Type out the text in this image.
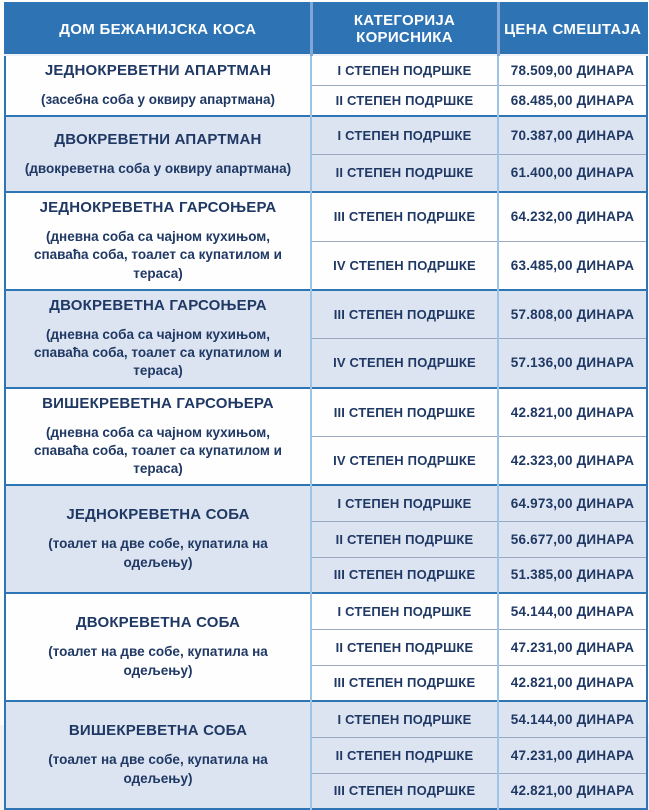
ДОМ БЕЖАНИЈСКА КОСА	КАТЕГОРИЈА КОРИСНИКА	ЦЕНА СМЕШТАЈА

ЈЕДНОКРЕВЕТНИ АПАРТМАН
(засебна соба у оквиру апартмана)	I СТЕПЕН ПОДРШКЕ	78.509,00 ДИНАРА
	II СТЕПЕН ПОДРШКЕ	68.485,00 ДИНАРА

ДВОКРЕВЕТНИ АПАРТМАН
(двокреветна соба у оквиру апартмана)	I СТЕПЕН ПОДРШКЕ	70.387,00 ДИНАРА
	II СТЕПЕН ПОДРШКЕ	61.400,00 ДИНАРА

ЈЕДНОКРЕВЕТНА ГАРСОЊЕРА
(дневна соба са чајном кухињом, спаваћа соба, тоалет са купатилом и тераса)	III СТЕПЕН ПОДРШКЕ	64.232,00 ДИНАРА
	IV СТЕПЕН ПОДРШКЕ	63.485,00 ДИНАРА

ДВОКРЕВЕТНА ГАРСОЊЕРА
(дневна соба са чајном кухињом, спаваћа соба, тоалет са купатилом и тераса)	III СТЕПЕН ПОДРШКЕ	57.808,00 ДИНАРА
	IV СТЕПЕН ПОДРШКЕ	57.136,00 ДИНАРА

ВИШЕКРЕВЕТНА ГАРСОЊЕРА
(дневна соба са чајном кухињом, спаваћа соба, тоалет са купатилом и тераса)	III СТЕПЕН ПОДРШКЕ	42.821,00 ДИНАРА
	IV СТЕПЕН ПОДРШКЕ	42.323,00 ДИНАРА

ЈЕДНОКРЕВЕТНА СОБА
(тоалет на две собе, купатила на одељењу)	I СТЕПЕН ПОДРШКЕ	64.973,00 ДИНАРА
	II СТЕПЕН ПОДРШКЕ	56.677,00 ДИНАРА
	III СТЕПЕН ПОДРШКЕ	51.385,00 ДИНАРА

ДВОКРЕВЕТНА СОБА
(тоалет на две собе, купатила на одељењу)	I СТЕПЕН ПОДРШКЕ	54.144,00 ДИНАРА
	II СТЕПЕН ПОДРШКЕ	47.231,00 ДИНАРА
	III СТЕПЕН ПОДРШКЕ	42.821,00 ДИНАРА

ВИШЕКРЕВЕТНА СОБА
(тоалет на две собе, купатила на одељењу)	I СТЕПЕН ПОДРШКЕ	54.144,00 ДИНАРА
	II СТЕПЕН ПОДРШКЕ	47.231,00 ДИНАРА
	III СТЕПЕН ПОДРШКЕ	42.821,00 ДИНАРА
